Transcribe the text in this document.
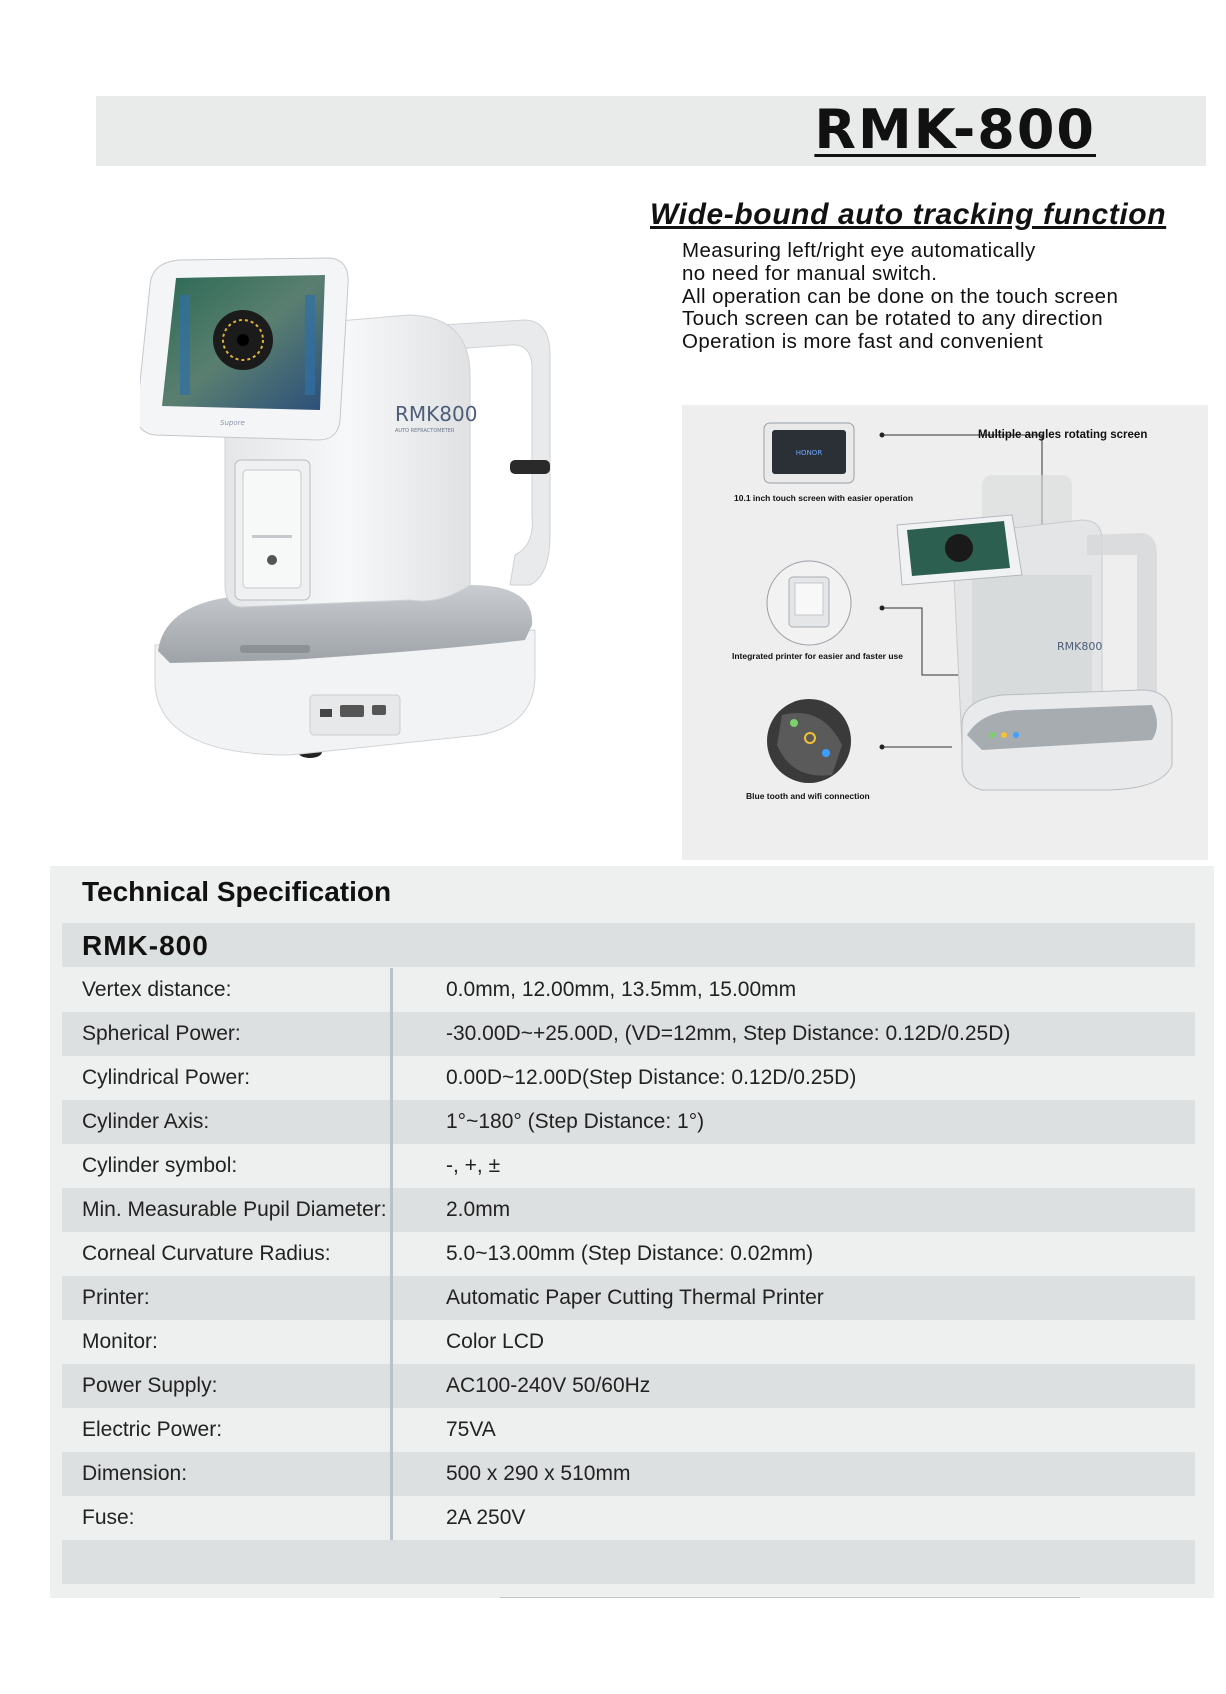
RMK-800
Wide-bound auto tracking function
Measuring left/right eye automatically
no need for manual switch.
All operation can be done on the touch screen
Touch screen can be rotated to any direction
Operation is more fast and convenient
RMK800
AUTO REFRACTOMETER
Supore
HONOR
RMK800
Multiple angles rotating screen
10.1 inch touch screen with easier operation
Integrated printer for easier and faster use
Blue tooth and wifi connection
Technical Specification
RMK-800
Vertex distance:	0.0mm, 12.00mm, 13.5mm, 15.00mm
Spherical Power:	-30.00D~+25.00D, (VD=12mm, Step Distance: 0.12D/0.25D)
Cylindrical Power:	0.00D~12.00D(Step Distance: 0.12D/0.25D)
Cylinder Axis:	1°~180° (Step Distance: 1°)
Cylinder symbol:	-, +, ±
Min. Measurable Pupil Diameter:	2.0mm
Corneal Curvature Radius:	5.0~13.00mm (Step Distance: 0.02mm)
Printer:	Automatic Paper Cutting Thermal Printer
Monitor:	Color LCD
Power Supply:	AC100-240V 50/60Hz
Electric Power:	75VA
Dimension:	500 x 290 x 510mm
Fuse:	2A 250V
